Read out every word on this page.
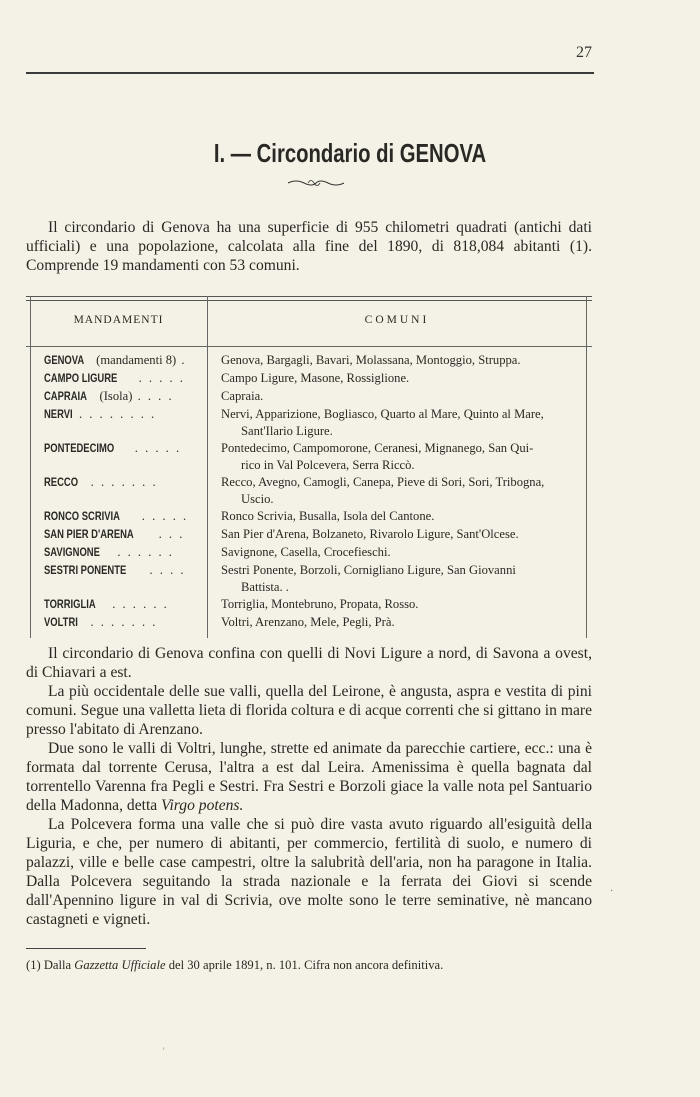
27
I. — Circondario di GENOVA

Il circondario di Genova ha una superficie di 955 chilometri quadrati (antichi dati ufficiali) e una popolazione, calcolata alla fine del 1890, di 818,084 abitanti (1). Comprende 19 mandamenti con 53 comuni.

MANDAMENTI	COMUNI
GENOVA (mandamenti 8) .	Genova, Bargagli, Bavari, Molassana, Montoggio, Struppa.
CAMPO LIGURE . . . . .	Campo Ligure, Masone, Rossiglione.
CAPRAIA (Isola) . . . .	Capraia.
NERVI . . . . . . . .	Nervi, Apparizione, Bogliasco, Quarto al Mare, Quinto al Mare,
Sant'Ilario Ligure.
PONTEDECIMO . . . . .	Pontedecimo, Campomorone, Ceranesi, Mignanego, San Qui-
rico in Val Polcevera, Serra Riccò.
RECCO . . . . . . .	Recco, Avegno, Camogli, Canepa, Pieve di Sori, Sori, Tribogna,
Uscio.
RONCO SCRIVIA . . . . .	Ronco Scrivia, Busalla, Isola del Cantone.
SAN PIER D'ARENA . . .	San Pier d'Arena, Bolzaneto, Rivarolo Ligure, Sant'Olcese.
SAVIGNONE . . . . . .	Savignone, Casella, Crocefieschi.
SESTRI PONENTE . . . .	Sestri Ponente, Borzoli, Cornigliano Ligure, San Giovanni
Battista. .
TORRIGLIA . . . . . .	Torriglia, Montebruno, Propata, Rosso.
VOLTRI . . . . . . .	Voltri, Arenzano, Mele, Pegli, Prà.

Il circondario di Genova confina con quelli di Novi Ligure a nord, di Savona a ovest, di Chiavari a est.

La più occidentale delle sue valli, quella del Leirone, è angusta, aspra e vestita di pini comuni. Segue una valletta lieta di florida coltura e di acque correnti che si gittano in mare presso l'abitato di Arenzano.

Due sono le valli di Voltri, lunghe, strette ed animate da parecchie cartiere, ecc.: una è formata dal torrente Cerusa, l'altra a est dal Leira. Amenissima è quella bagnata dal torrentello Varenna fra Pegli e Sestri. Fra Sestri e Borzoli giace la valle nota pel Santuario della Madonna, detta Virgo potens.

La Polcevera forma una valle che si può dire vasta avuto riguardo all'esiguità della Liguria, e che, per numero di abitanti, per commercio, fertilità di suolo, e numero di palazzi, ville e belle case campestri, oltre la salubrità dell'aria, non ha paragone in Italia. Dalla Polcevera seguitando la strada nazionale e la ferrata dei Giovi si scende dall'Apennino ligure in val di Scrivia, ove molte sono le terre seminative, nè mancano castagneti e vigneti.

(1) Dalla Gazzetta Ufficiale del 30 aprile 1891, n. 101. Cifra non ancora definitiva.
˒
·
